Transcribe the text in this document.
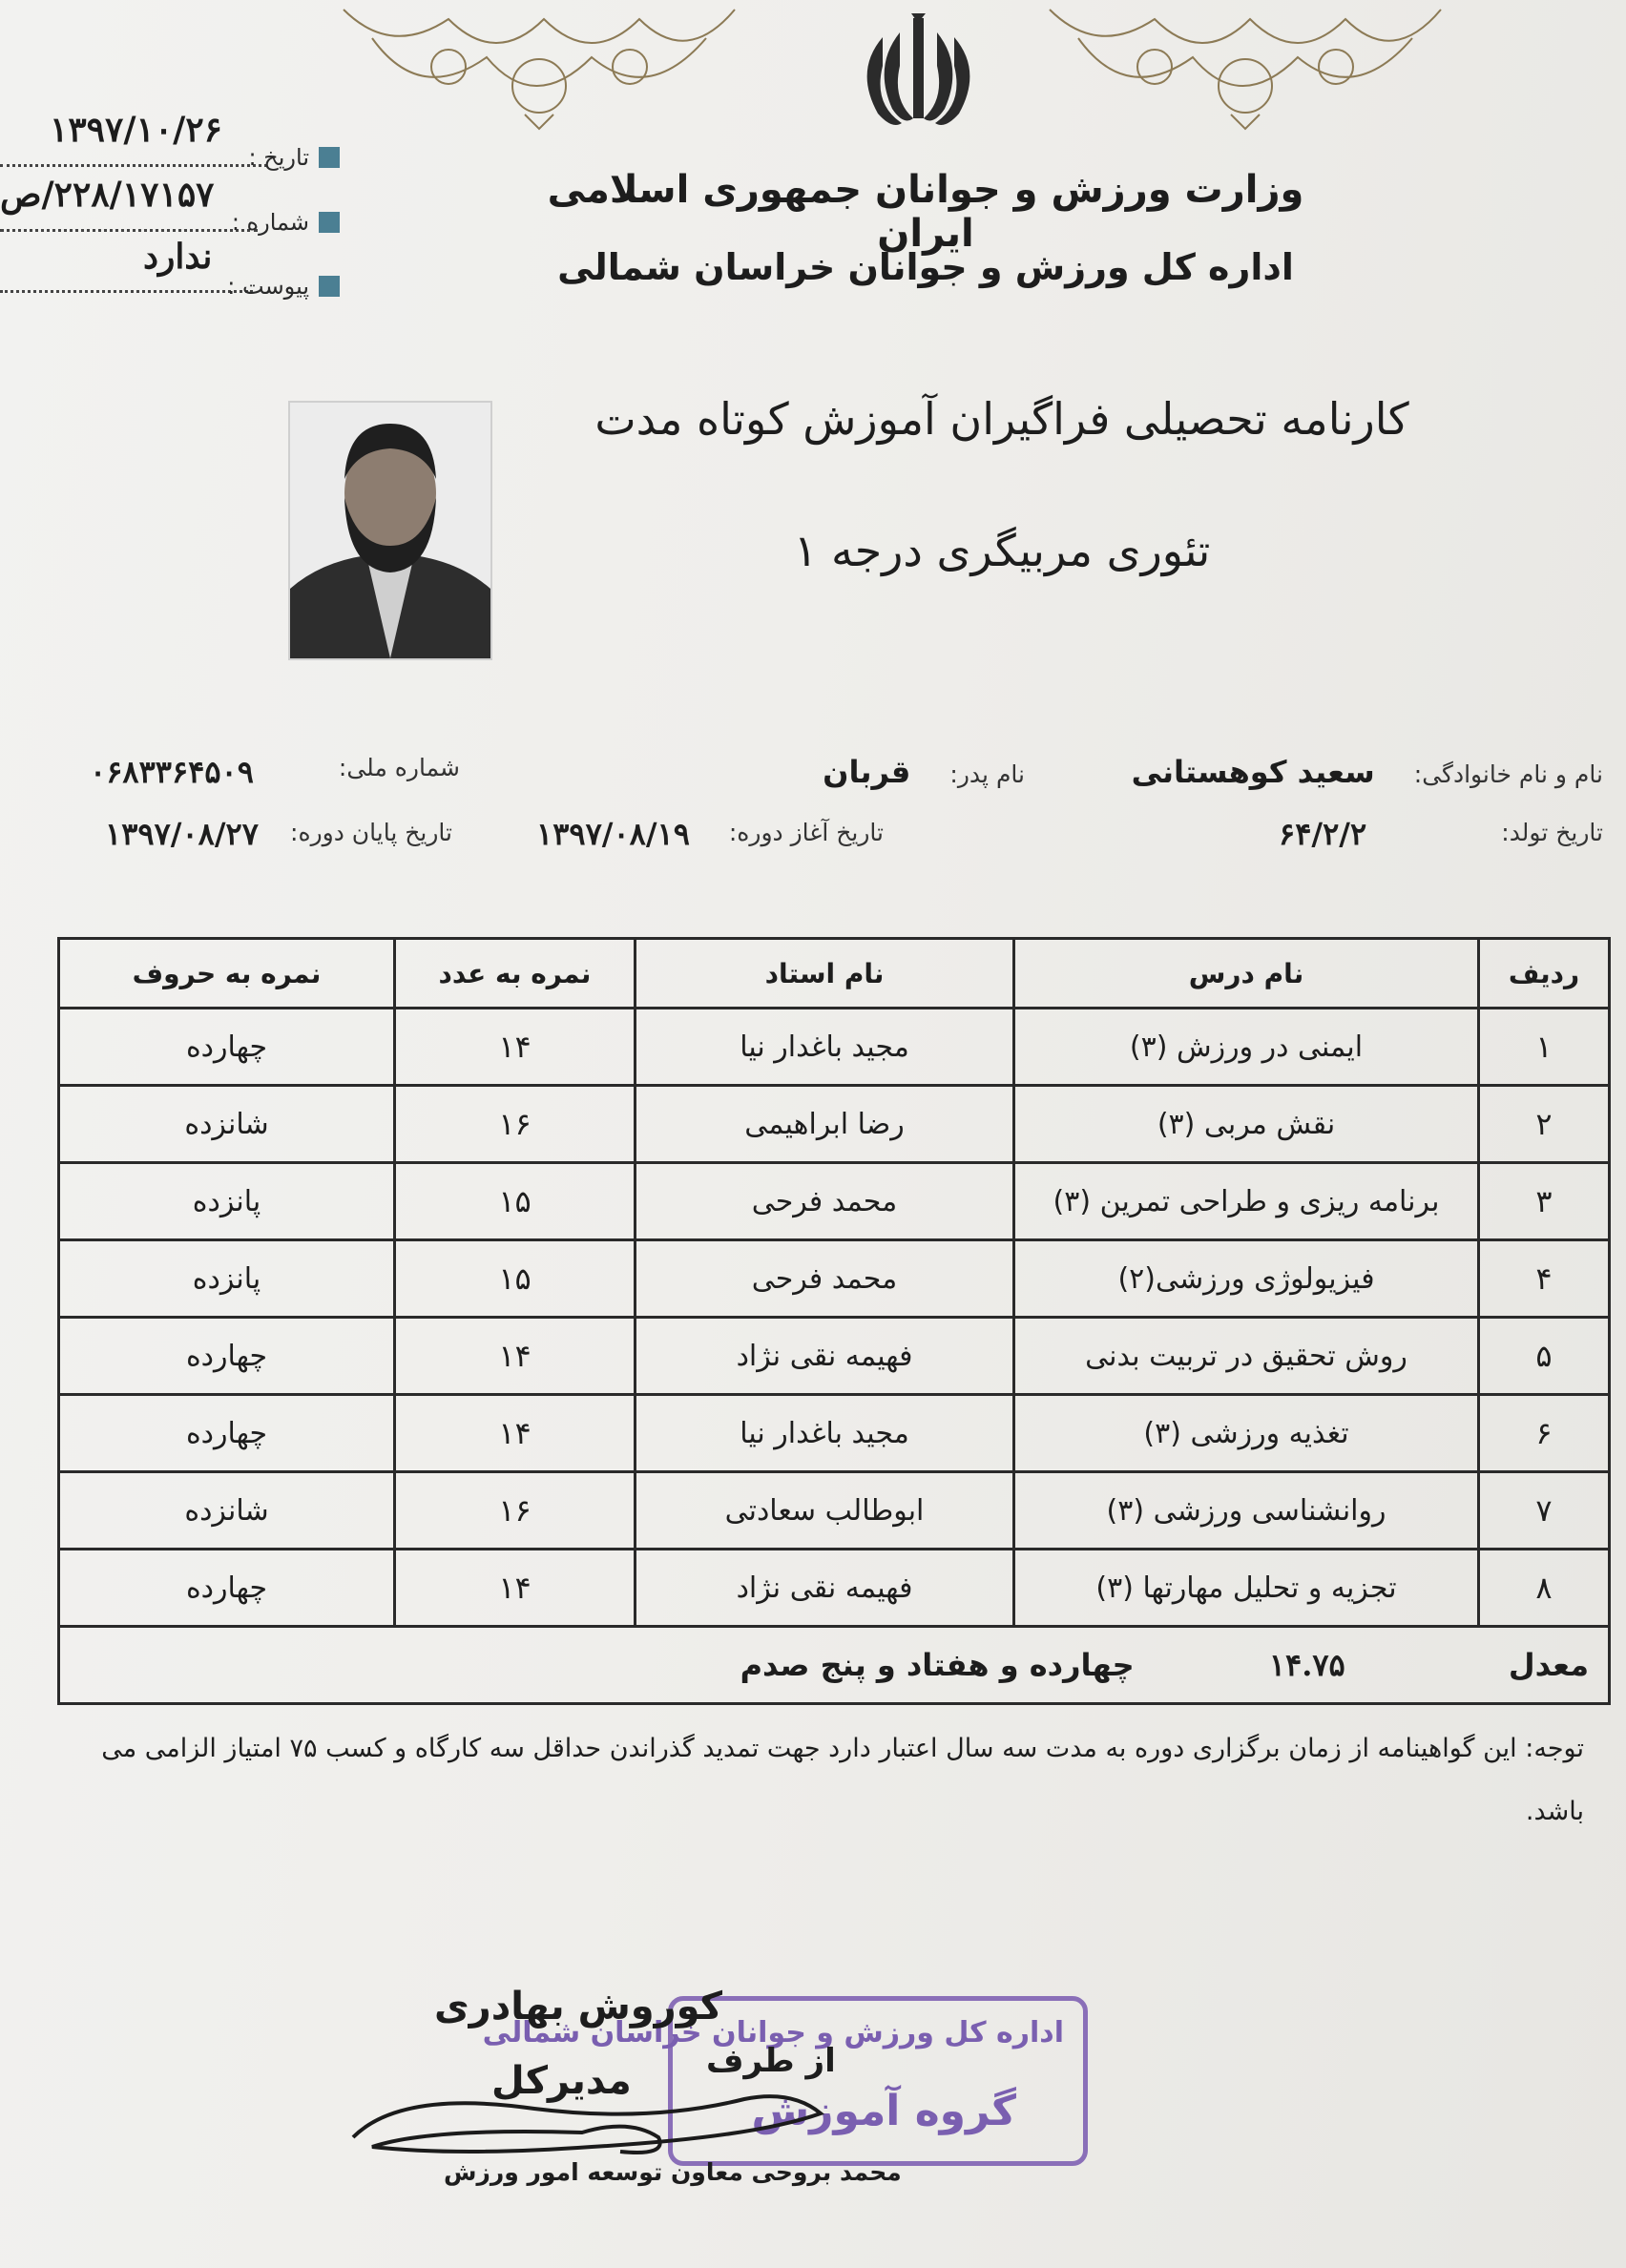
۱۳۹۷/۱۰/۲۶
تاریخ :
۲۲۸/۱۷۱۵۷/ص
شماره :
ندارد
پیوست :
وزارت ورزش و جوانان جمهوری اسلامی ایران
اداره کل ورزش و جوانان خراسان شمالی
کارنامه تحصیلی فراگیران آموزش کوتاه مدت
تئوری مربیگری درجه ۱
نام و نام خانوادگی: سعید کوهستانی
نام پدر: قربان
شماره ملی:
۰۶۸۳۳۶۴۵۰۹
تاریخ تولد:
۶۴/۲/۲
تاریخ آغاز دوره:
۱۳۹۷/۰۸/۱۹
تاریخ پایان دوره:
۱۳۹۷/۰۸/۲۷
ردیف	نام درس	نام استاد	نمره به عدد	نمره به حروف
۱	ایمنی در ورزش (۳)	مجید باغدار نیا	۱۴	چهارده
۲	نقش مربی (۳)	رضا ابراهیمی	۱۶	شانزده
۳	برنامه ریزی و طراحی تمرین (۳)	محمد فرحی	۱۵	پانزده
۴	فیزیولوژی ورزشی(۲)	محمد فرحی	۱۵	پانزده
۵	روش تحقیق در تربیت بدنی	فهیمه نقی نژاد	۱۴	چهارده
۶	تغذیه ورزشی (۳)	مجید باغدار نیا	۱۴	چهارده
۷	روانشناسی ورزشی (۳)	ابوطالب سعادتی	۱۶	شانزده
۸	تجزیه و تحلیل مهارتها (۳)	فهیمه نقی نژاد	۱۴	چهارده
معدل ۱۴.۷۵ چهارده و هفتاد و پنج صدم				
توجه: این گواهینامه از زمان برگزاری دوره به مدت سه سال اعتبار دارد جهت تمدید گذراندن حداقل سه کارگاه و کسب ۷۵ امتیاز الزامی می باشد.
اداره کل ورزش و جوانان خراسان شمالی
گروه آموزش
کوروش بهادری
از طرف
مدیرکل
محمد بروحی معاون توسعه امور ورزش
